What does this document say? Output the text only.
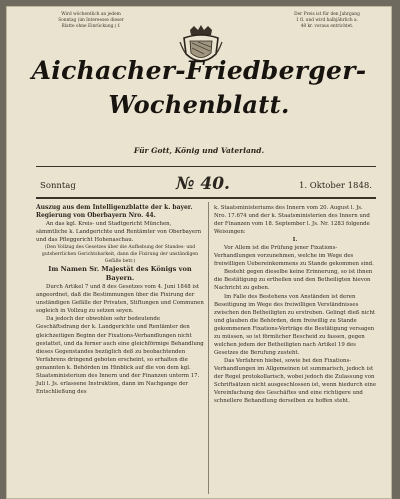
Wird wöchentlich an jedem
Sonntag (im Intereesse dieser
Blatte ohne Einrückung.) f.
Der Preis ist für den Jahrgang
1 fl. und wird halbjährlich a.
48 kr. voraus entrichtet.
Aichacher-Friedberger-
Wochenblatt.
Für Gott, König und Vaterland.
Sonntag	№ 40.	1. Oktober 1848.

Auszug aus dem Intelligenzblatte der k. bayer. Regierung von Oberbayern Nro. 44.

An das kgl. Kreis- und Stadtgericht München, sämmtliche k. Landgerichte und Rentämter von Oberbayern und das Pfleggericht Hohenaschau.

(Den Vollzug des Gesetzes über die Aufhebung der Standes- und gutsherrlichen Gerichtsbarkeit, dann die Fixirung der unständigen Gefälle betr.)

Im Namen Sr. Majestät des Königs von Bayern.

Durch Artikel 7 und 8 des Gesetzes vom 4. Juni 1848 ist angeordnet, daß die Bestimmungen über die Fixirung der unständigen Gefälle der Privaten, Stiftungen und Communen sogleich in Vollzug zu setzen seyen.

Da jedoch der obwohlen sehr bedeutende Geschäftsdrang der k. Landgerichte und Rentämter den gleichzeitigen Beginn der Fixations-Verhandlungen nicht gestattet, und da ferner auch eine gleichförmige Behandlung dieses Gegenstandes bezüglich deß zu beobachtenden Verfahrens dringend geboten erscheint, so erhalten die genannten k. Behörden im Hinblick auf die von dem kgl. Staatsministerium des Innern und der Finanzen unterm 17. Juli l. Js. erlassene Instruktion, dann im Nachgange der Entschließung des

k. Staatsministeriums des Innern vom 20. August l. Js. Nro. 17.674 und der k. Staatsministerien des Innern und der Finanzen vom 18. September l. Js. Nr. 1283 folgende Weisungen:

I.

Vor Allem ist die Prüfung jener Fixations-Verhandlungen vorzunehmen, welche im Wege des freiwilligen Uebereinkommens zu Stande gekommen sind.

Besteht gegen dieselbe keine Erinnerung, so ist ihnen die Bestätigung zu ertheilen und den Betheiligten hievon Nachricht zu geben.

Im Falle des Bestehens von Anständen ist deren Beseitigung im Wege des freiwilligen Verständnisses zwischen den Betheiligten zu erstreben. Gelingt dieß nicht und glauben die Behörden, dem freiwillig zu Stande gekommenen Fixations-Verträge die Bestätigung versagen zu müssen, so ist förmlicher Bescheid zu fassen, gegen welchen jedem der Betheiligten nach Artikel 19 des Gesetzes die Berufung zusteht.

Das Verfahren hiebei, sowie bei den Fixations-Verhandlungen im Allgemeinen ist summarisch, jedoch ist der Regel protokollarisch, wobei jedoch die Zulassung von Schriftsätzen nicht ausgeschlossen ist, wenn hiedurch eine Vereinfachung des Geschäftes und eine richtigere und schnellere Behandlung derselben zu hoffen steht.
